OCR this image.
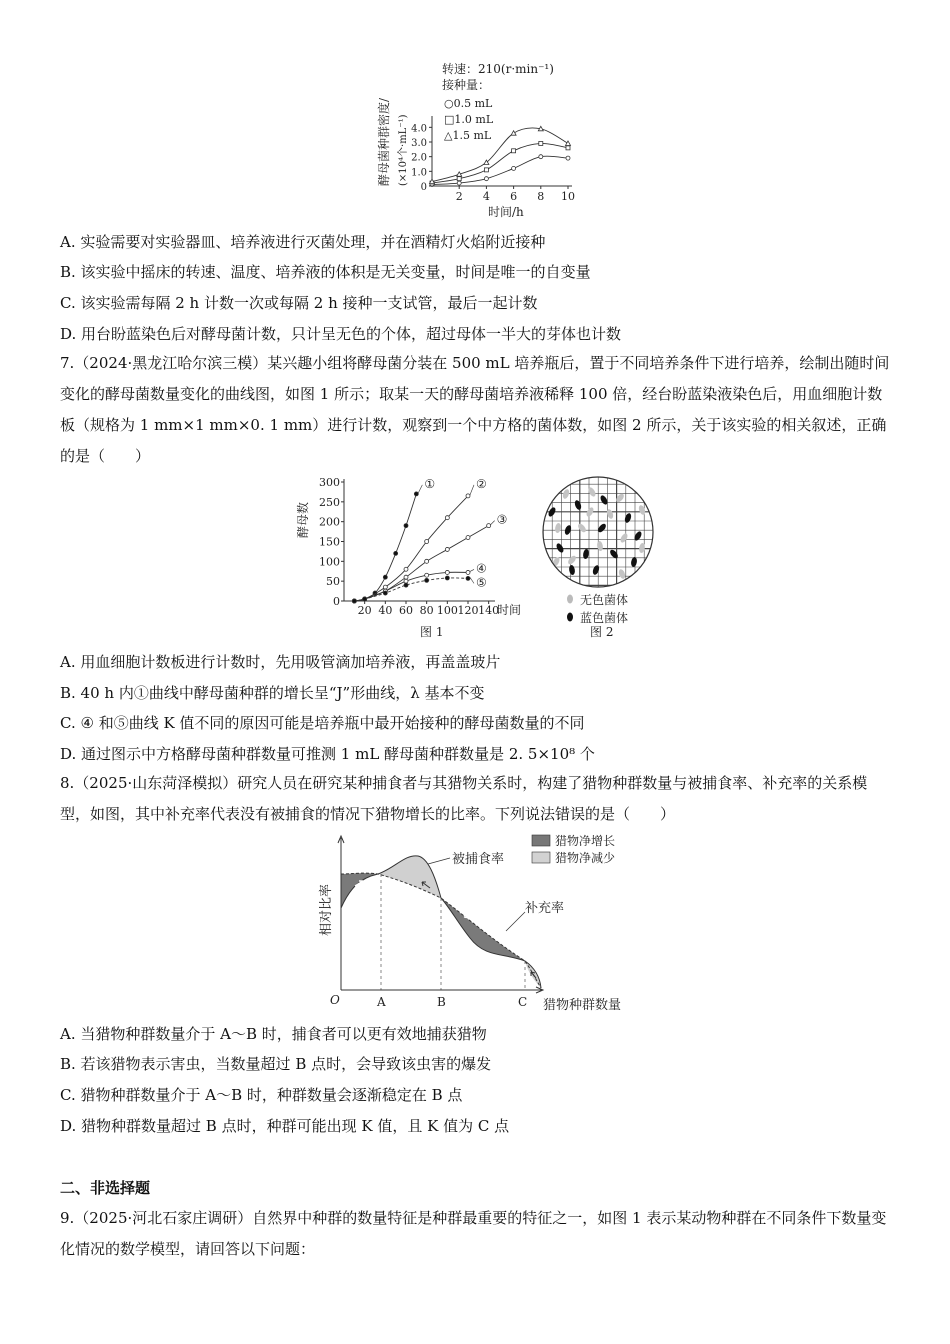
转速：210(r·min⁻¹)
接种量：
○0.5 mL
□1.0 mL
△1.5 mL
酵母菌种群密度/ (×10⁴个·mL⁻¹)
0
1.0
2.0
3.0
4.0
2 4 6 8 10
时间/h
A. 实验需要对实验器皿、培养液进行灭菌处理，并在酒精灯火焰附近接种
B. 该实验中摇床的转速、温度、培养液的体积是无关变量，时间是唯一的自变量
C. 该实验需每隔 2 h 计数一次或每隔 2 h 接种一支试管，最后一起计数
D. 用台盼蓝染色后对酵母菌计数，只计呈无色的个体，超过母体一半大的芽体也计数
7.（2024·黑龙江哈尔滨三模）某兴趣小组将酵母菌分装在 500 mL 培养瓶后，置于不同培养条件下进行培养，绘制出随时间变化的酵母菌数量变化的曲线图，如图 1 所示；取某一天的酵母菌培养液稀释 100 倍，经台盼蓝染液染色后，用血细胞计数板（规格为 1 mm×1 mm×0. 1 mm）进行计数，观察到一个中方格的菌体数，如图 2 所示，关于该实验的相关叙述，正确的是（　　）
酵母数
0
50
100
150
200
250
300
20 40 60 80 100 120 140
①	②
③
④
⑤
时间
图 1
无色菌体
蓝色菌体
图 2
A. 用血细胞计数板进行计数时，先用吸管滴加培养液，再盖盖玻片
B. 40 h 内①曲线中酵母菌种群的增长呈“J”形曲线，λ 基本不变
C. ④ 和⑤曲线 K 值不同的原因可能是培养瓶中最开始接种的酵母菌数量的不同
D. 通过图示中方格酵母菌种群数量可推测 1 mL 酵母菌种群数量是 2. 5×10⁸ 个
8.（2025·山东菏泽模拟）研究人员在研究某种捕食者与其猎物关系时，构建了猎物种群数量与被捕食率、补充率的关系模型，如图，其中补充率代表没有被捕食的情况下猎物增长的比率。下列说法错误的是（　　）
猎物净增长
猎物净减少
被捕食率
补充率
相对比率
O	A	B	C 猎物种群数量
A. 当猎物种群数量介于 A～B 时，捕食者可以更有效地捕获猎物
B. 若该猎物表示害虫，当数量超过 B 点时，会导致该虫害的爆发
C. 猎物种群数量介于 A～B 时，种群数量会逐渐稳定在 B 点
D. 猎物种群数量超过 B 点时，种群可能出现 K 值，且 K 值为 C 点
二、非选择题
9.（2025·河北石家庄调研）自然界中种群的数量特征是种群最重要的特征之一，如图 1 表示某动物种群在不同条件下数量变化情况的数学模型，请回答以下问题：
